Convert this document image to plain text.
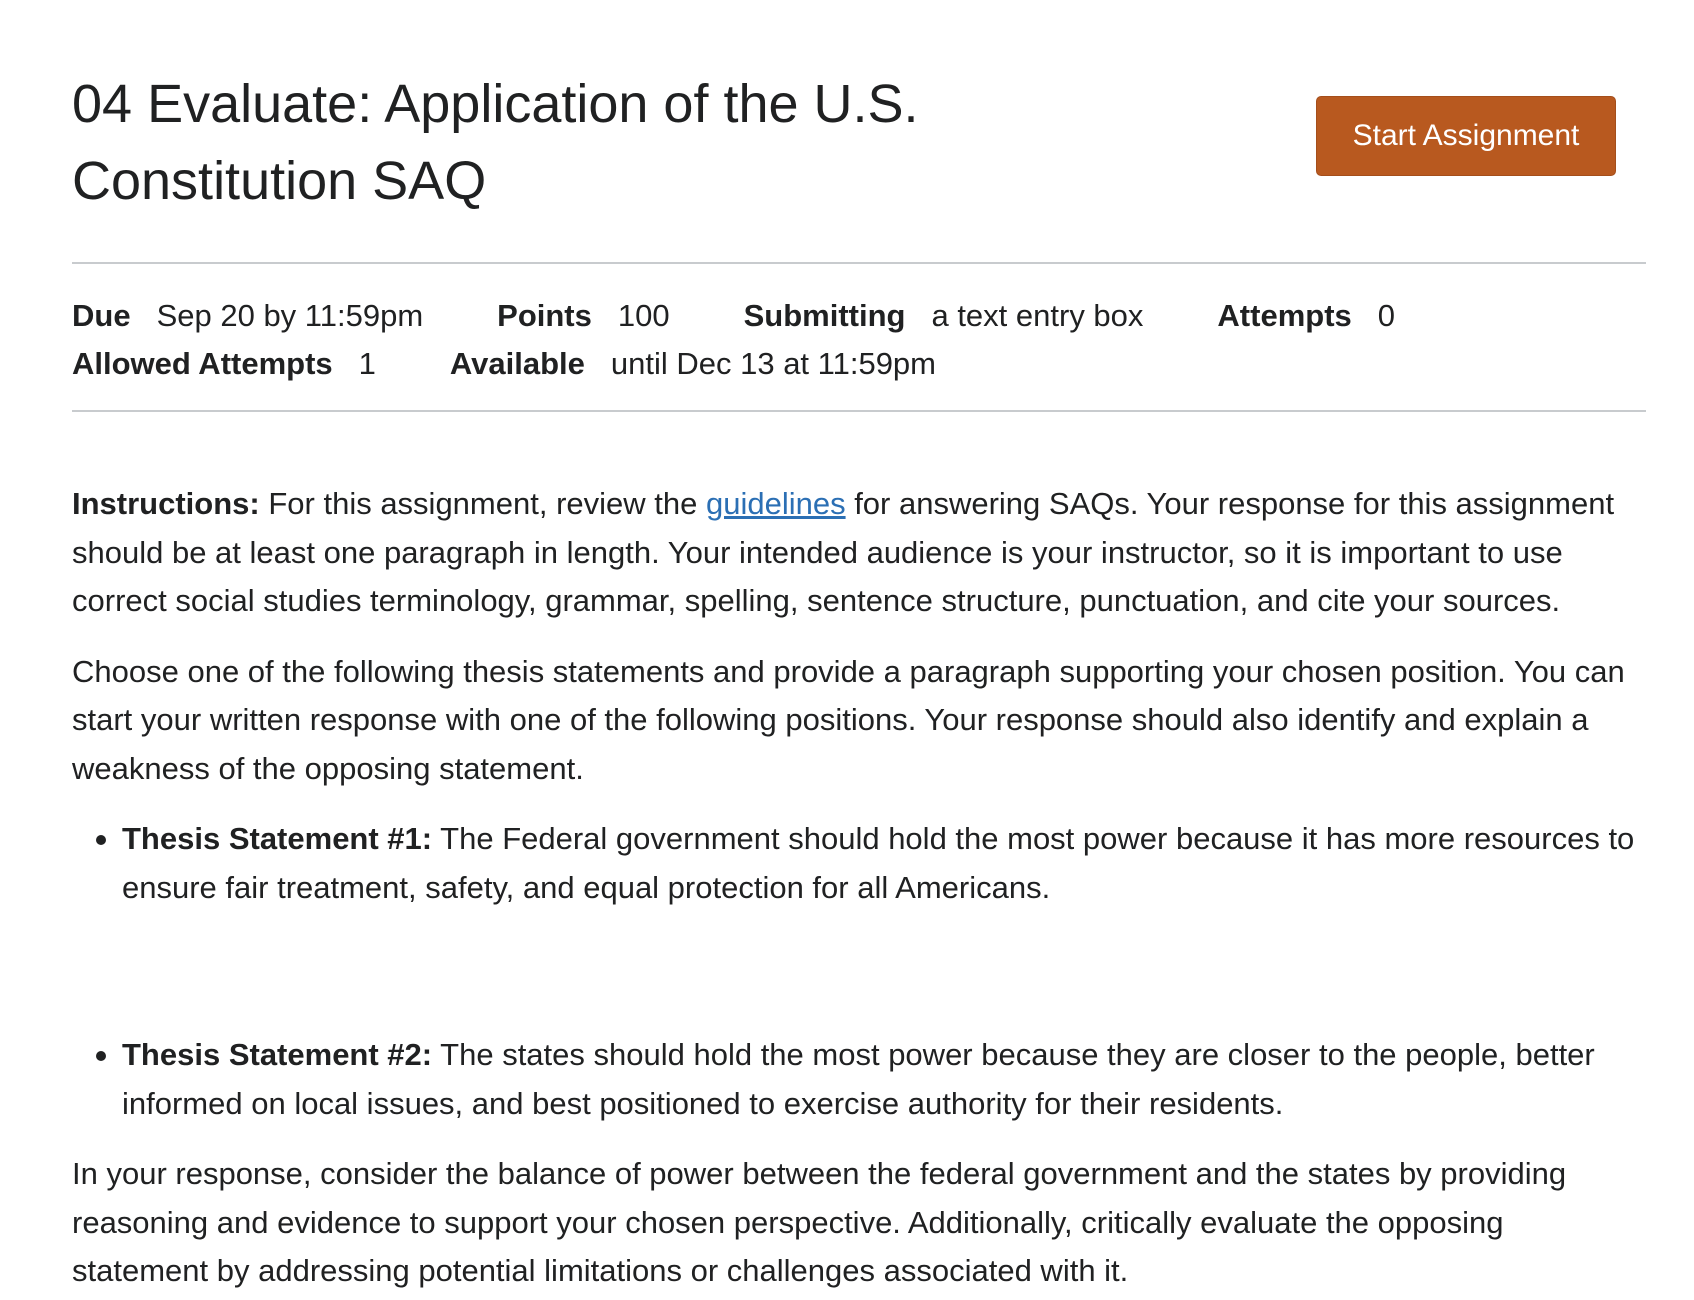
04 Evaluate: Application of the U.S. Constitution SAQ
Start Assignment
Due Sep 20 by 11:59pm Points 100 Submitting a text entry box Attempts 0
Allowed Attempts 1 Available until Dec 13 at 11:59pm

Instructions: For this assignment, review the guidelines for answering SAQs. Your response for this assignment should be at least one paragraph in length. Your intended audience is your instructor, so it is important to use correct social studies terminology, grammar, spelling, sentence structure, punctuation, and cite your sources.

Choose one of the following thesis statements and provide a paragraph supporting your chosen position. You can start your written response with one of the following positions. Your response should also identify and explain a weakness of the opposing statement.

Thesis Statement #1: The Federal government should hold the most power because it has more resources to ensure fair treatment, safety, and equal protection for all Americans.
Thesis Statement #2: The states should hold the most power because they are closer to the people, better informed on local issues, and best positioned to exercise authority for their residents.

In your response, consider the balance of power between the federal government and the states by providing reasoning and evidence to support your chosen perspective. Additionally, critically evaluate the opposing statement by addressing potential limitations or challenges associated with it.
